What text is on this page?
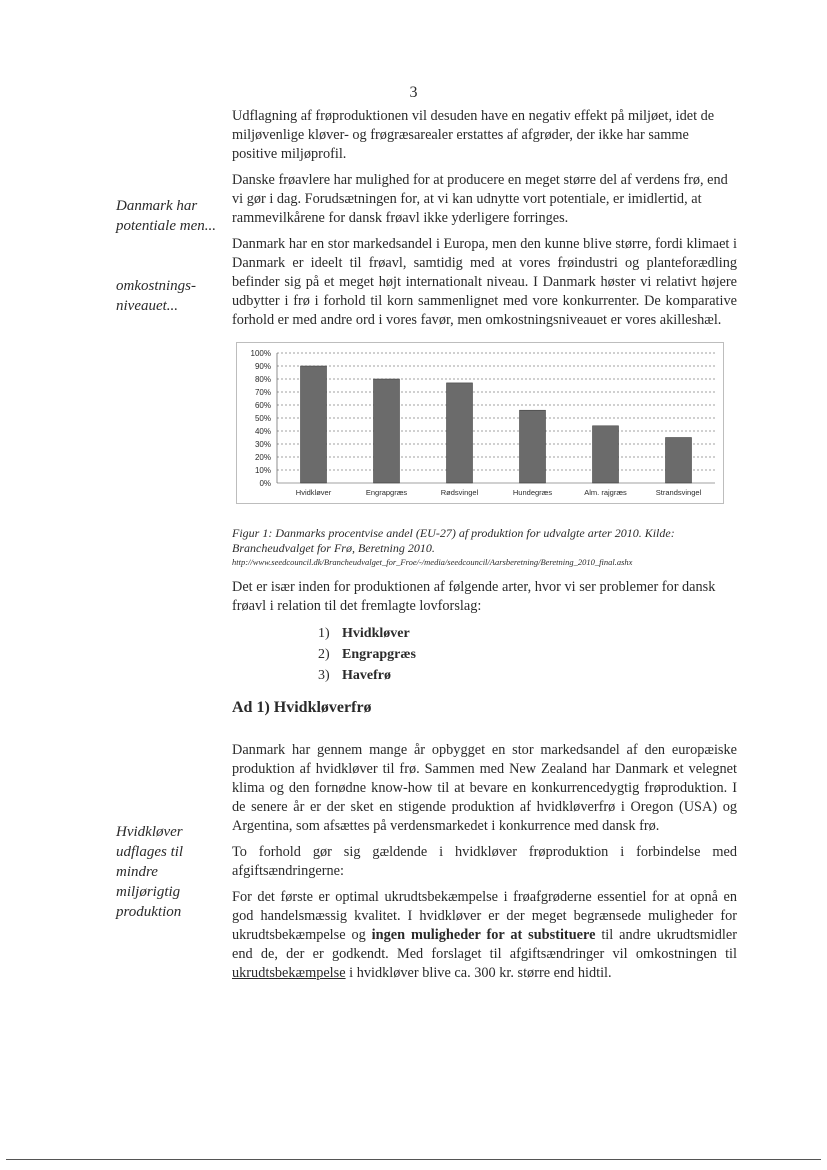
3
Danmark har potentiale men...
omkostnings-niveauet...
Hvidkløver udflages til mindre miljørigtig produktion

Udflagning af frøproduktionen vil desuden have en negativ effekt på miljøet, idet de miljøvenlige kløver- og frøgræsarealer erstattes af afgrøder, der ikke har samme positive miljøprofil.

Danske frøavlere har mulighed for at producere en meget større del af verdens frø, end vi gør i dag. Forudsætningen for, at vi kan udnytte vort potentiale, er imidlertid, at rammevilkårene for dansk frøavl ikke yderligere forringes.

Danmark har en stor markedsandel i Europa, men den kunne blive større, fordi klimaet i Danmark er ideelt til frøavl, samtidig med at vores frøindustri og planteforædling befinder sig på et meget højt internationalt niveau. I Danmark høster vi relativt højere udbytter i frø i forhold til korn sammenlignet med vore konkurrenter. De komparative forhold er med andre ord i vores favør, men omkostningsniveauet er vores akilleshæl.

0%
10%
20%
30%
40%
50%
60%
70%
80%
90%
100%
Hvidkløver	Engrapgræs	Rødsvingel	Hundegræs	Alm. rajgræs	Strandsvingel
Figur 1: Danmarks procentvise andel (EU-27) af produktion for udvalgte arter 2010. Kilde: Brancheudvalget for Frø, Beretning 2010.
http://www.seedcouncil.dk/Brancheudvalget_for_Froe/-/media/seedcouncil/Aarsberetning/Beretning_2010_final.ashx

Det er især inden for produktionen af følgende arter, hvor vi ser problemer for dansk frøavl i relation til det fremlagte lovforslag:

1) Hvidkløver
2) Engrapgræs
3) Havefrø
Ad 1) Hvidkløverfrø

Danmark har gennem mange år opbygget en stor markedsandel af den europæiske produktion af hvidkløver til frø. Sammen med New Zealand har Danmark et velegnet klima og den fornødne know-how til at bevare en konkurrencedygtig frøproduktion. I de senere år er der sket en stigende produktion af hvidkløverfrø i Oregon (USA) og Argentina, som afsættes på verdensmarkedet i konkurrence med dansk frø.

To forhold gør sig gældende i hvidkløver frøproduktion i forbindelse med afgiftsændringerne:

For det første er optimal ukrudtsbekæmpelse i frøafgrøderne essentiel for at opnå en god handelsmæssig kvalitet. I hvidkløver er der meget begrænsede muligheder for ukrudtsbekæmpelse og ingen muligheder for at substituere til andre ukrudtsmidler end de, der er godkendt. Med forslaget til afgiftsændringer vil omkostningen til ukrudtsbekæmpelse i hvidkløver blive ca. 300 kr. større end hidtil.
